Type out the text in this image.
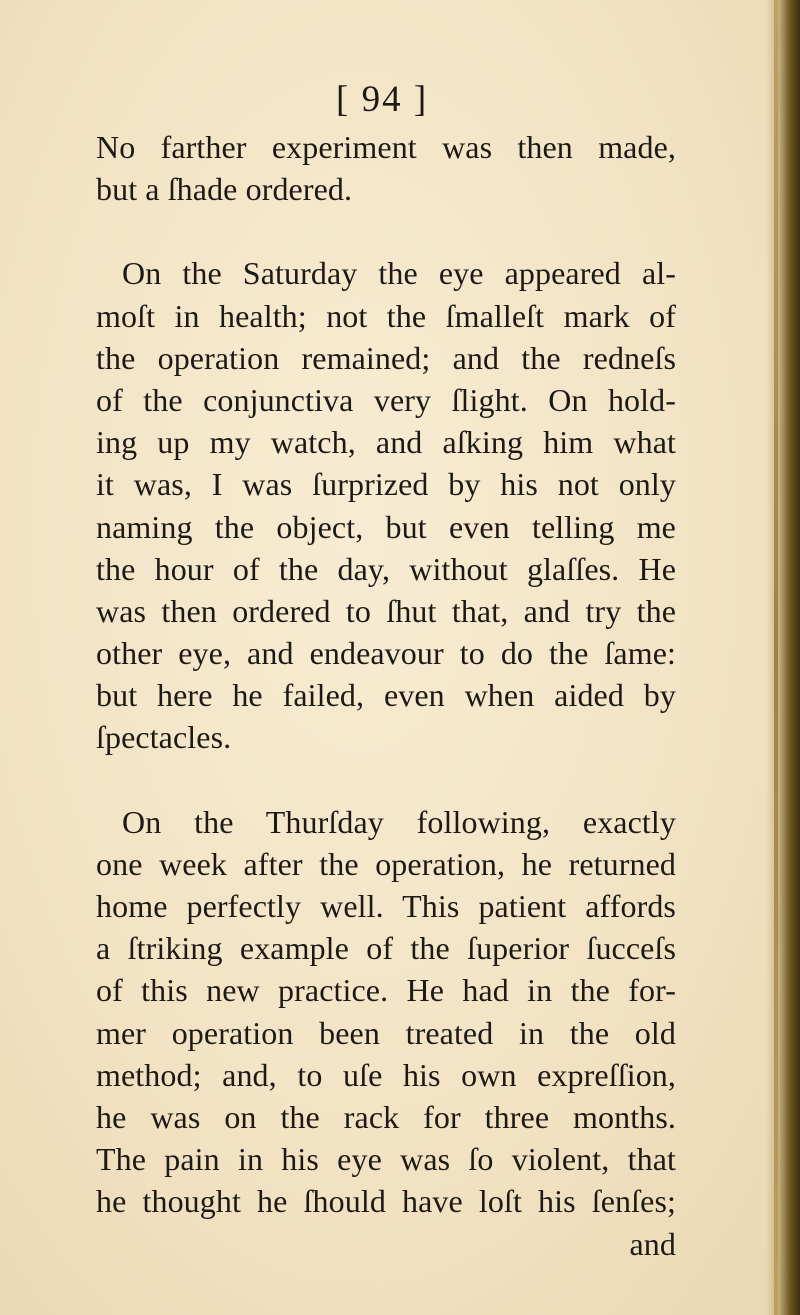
[ 94 ]
No farther experiment was then made,
but a ſhade ordered.
On the Saturday the eye appeared al-
moſt in health; not the ſmalleſt mark of
the operation remained; and the redneſs
of the conjunctiva very ſlight. On hold-
ing up my watch, and aſking him what
it was, I was ſurprized by his not only
naming the object, but even telling me
the hour of the day, without glaſſes. He
was then ordered to ſhut that, and try the
other eye, and endeavour to do the ſame:
but here he failed, even when aided by
ſpectacles.
On the Thurſday following, exactly
one week after the operation, he returned
home perfectly well. This patient affords
a ſtriking example of the ſuperior ſucceſs
of this new practice. He had in the for-
mer operation been treated in the old
method; and, to uſe his own expreſſion,
he was on the rack for three months.
The pain in his eye was ſo violent, that
he thought he ſhould have loſt his ſenſes;
and
